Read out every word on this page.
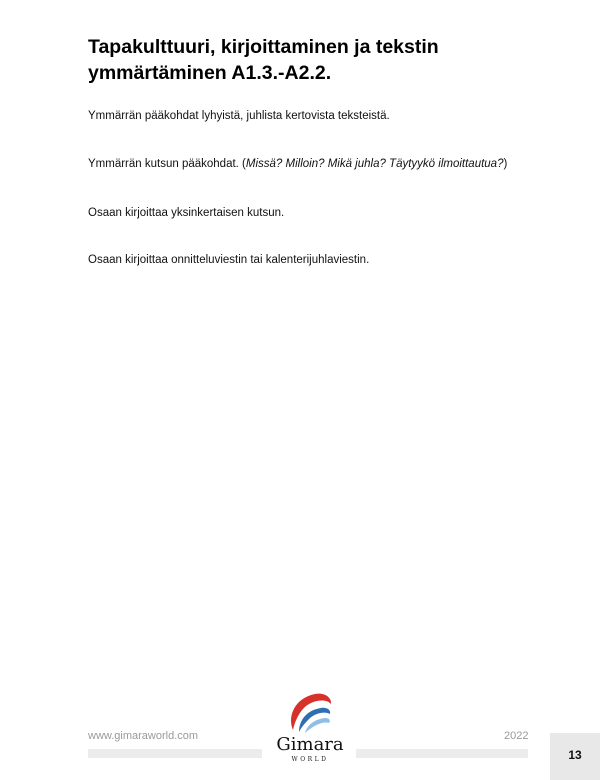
Tapakulttuuri, kirjoittaminen ja tekstin ymmärtäminen A1.3.-A2.2.

Ymmärrän pääkohdat lyhyistä, juhlista kertovista teksteistä.

Ymmärrän kutsun pääkohdat. (Missä? Milloin? Mikä juhla? Täytyykö ilmoittautua?)

Osaan kirjoittaa yksinkertaisen kutsun.

Osaan kirjoittaa onnitteluviestin tai kalenterijuhlaviestin.

www.gimaraworld.com	Gimara
WORLD
2022
13
